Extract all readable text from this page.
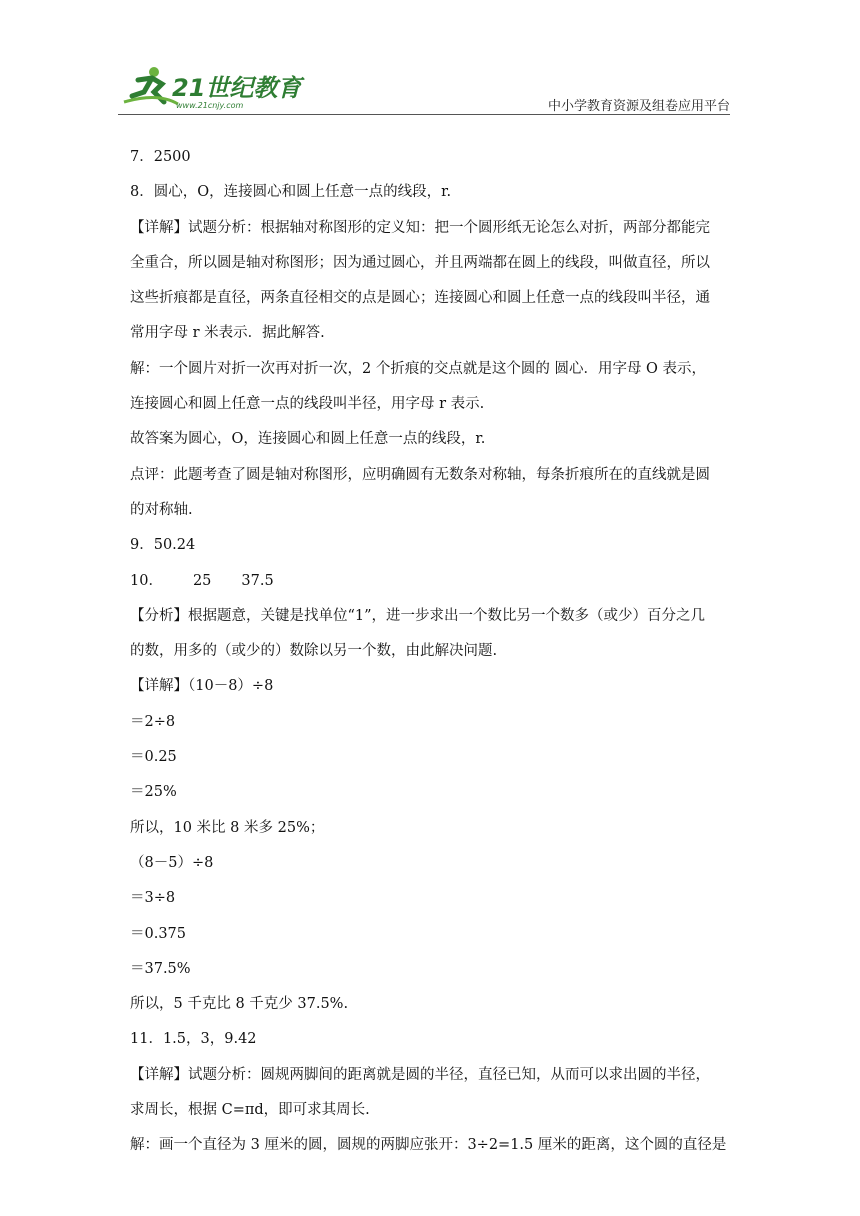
21世纪教育
www.21cnjy.com	中小学教育资源及组卷应用平台
7．2500
8．圆心，O，连接圆心和圆上任意一点的线段，r.
【详解】试题分析：根据轴对称图形的定义知：把一个圆形纸无论怎么对折，两部分都能完
全重合，所以圆是轴对称图形；因为通过圆心，并且两端都在圆上的线段，叫做直径，所以
这些折痕都是直径，两条直径相交的点是圆心；连接圆心和圆上任意一点的线段叫半径，通
常用字母 r 米表示．据此解答.
解：一个圆片对折一次再对折一次，2 个折痕的交点就是这个圆的 圆心．用字母 O 表示，
连接圆心和圆上任意一点的线段叫半径，用字母 r 表示.
故答案为圆心，O，连接圆心和圆上任意一点的线段，r.
点评：此题考查了圆是轴对称图形，应明确圆有无数条对称轴，每条折痕所在的直线就是圆
的对称轴.
9．50.24
10． 25 37.5
【分析】根据题意，关键是找单位“1”，进一步求出一个数比另一个数多（或少）百分之几
的数，用多的（或少的）数除以另一个数，由此解决问题.
【详解】（10－8）÷8
＝2÷8
＝0.25
＝25%
所以，10 米比 8 米多 25%；
（8－5）÷8
＝3÷8
＝0.375
＝37.5%
所以，5 千克比 8 千克少 37.5%.
11．1.5，3，9.42
【详解】试题分析：圆规两脚间的距离就是圆的半径，直径已知，从而可以求出圆的半径，
求周长，根据 C=πd，即可求其周长.
解：画一个直径为 3 厘米的圆，圆规的两脚应张开：3÷2=1.5 厘米的距离，这个圆的直径是
